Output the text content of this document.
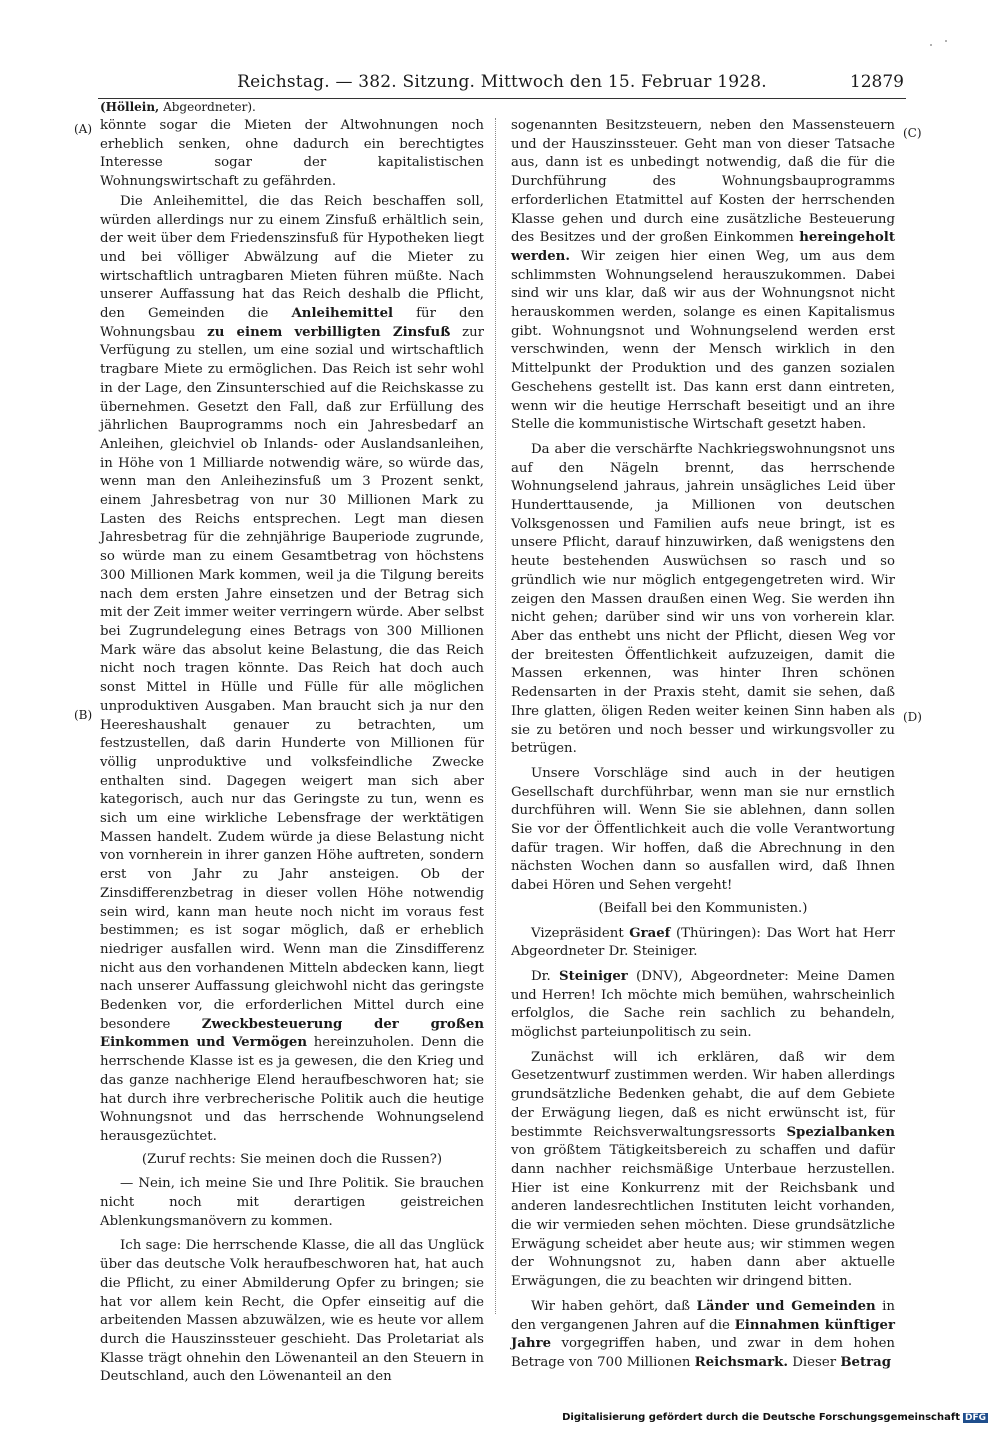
Reichstag. — 382. Sitzung. Mittwoch den 15. Februar 1928.	12879
(Höllein, Abgeordneter).
(A)
(B)
(C)
(D)

könnte sogar die Mieten der Altwohnungen noch erheblich senken, ohne dadurch ein berechtigtes Interesse sogar der kapitalistischen Wohnungswirtschaft zu gefährden.

Die Anleihemittel, die das Reich beschaffen soll, würden allerdings nur zu einem Zinsfuß erhältlich sein, der weit über dem Friedenszinsfuß für Hypotheken liegt und bei völliger Abwälzung auf die Mieter zu wirtschaftlich untragbaren Mieten führen müßte. Nach unserer Auffassung hat das Reich deshalb die Pflicht, den Gemeinden die Anleihemittel für den Wohnungsbau zu einem verbilligten Zinsfuß zur Verfügung zu stellen, um eine sozial und wirtschaftlich tragbare Miete zu ermöglichen. Das Reich ist sehr wohl in der Lage, den Zinsunterschied auf die Reichskasse zu übernehmen. Gesetzt den Fall, daß zur Erfüllung des jährlichen Bauprogramms noch ein Jahresbedarf an Anleihen, gleichviel ob Inlands- oder Auslandsanleihen, in Höhe von 1 Milliarde notwendig wäre, so würde das, wenn man den Anleihezinsfuß um 3 Prozent senkt, einem Jahresbetrag von nur 30 Millionen Mark zu Lasten des Reichs entsprechen. Legt man diesen Jahresbetrag für die zehnjährige Bauperiode zugrunde, so würde man zu einem Gesamtbetrag von höchstens 300 Millionen Mark kommen, weil ja die Tilgung bereits nach dem ersten Jahre einsetzen und der Betrag sich mit der Zeit immer weiter verringern würde. Aber selbst bei Zugrundelegung eines Betrags von 300 Millionen Mark wäre das absolut keine Belastung, die das Reich nicht noch tragen könnte. Das Reich hat doch auch sonst Mittel in Hülle und Fülle für alle möglichen unproduktiven Ausgaben. Man braucht sich ja nur den Heereshaushalt genauer zu betrachten, um festzustellen, daß darin Hunderte von Millionen für völlig unproduktive und volksfeindliche Zwecke enthalten sind. Dagegen weigert man sich aber kategorisch, auch nur das Geringste zu tun, wenn es sich um eine wirkliche Lebensfrage der werktätigen Massen handelt. Zudem würde ja diese Belastung nicht von vornherein in ihrer ganzen Höhe auftreten, sondern erst von Jahr zu Jahr ansteigen. Ob der Zinsdifferenzbetrag in dieser vollen Höhe notwendig sein wird, kann man heute noch nicht im voraus fest bestimmen; es ist sogar möglich, daß er erheblich niedriger ausfallen wird. Wenn man die Zinsdifferenz nicht aus den vorhandenen Mitteln abdecken kann, liegt nach unserer Auffassung gleichwohl nicht das geringste Bedenken vor, die erforderlichen Mittel durch eine besondere Zweckbesteuerung der großen Einkommen und Vermögen hereinzuholen. Denn die herrschende Klasse ist es ja gewesen, die den Krieg und das ganze nachherige Elend heraufbeschworen hat; sie hat durch ihre verbrecherische Politik auch die heutige Wohnungsnot und das herrschende Wohnungselend herausgezüchtet.

(Zuruf rechts: Sie meinen doch die Russen?)

— Nein, ich meine Sie und Ihre Politik. Sie brauchen nicht noch mit derartigen geistreichen Ablenkungsmanövern zu kommen.

Ich sage: Die herrschende Klasse, die all das Unglück über das deutsche Volk heraufbeschworen hat, hat auch die Pflicht, zu einer Abmilderung Opfer zu bringen; sie hat vor allem kein Recht, die Opfer einseitig auf die arbeitenden Massen abzuwälzen, wie es heute vor allem durch die Hauszinssteuer geschieht. Das Proletariat als Klasse trägt ohnehin den Löwenanteil an den Steuern in Deutschland, auch den Löwenanteil an den

sogenannten Besitzsteuern, neben den Massensteuern und der Hauszinssteuer. Geht man von dieser Tatsache aus, dann ist es unbedingt notwendig, daß die für die Durchführung des Wohnungsbauprogramms erforderlichen Etatmittel auf Kosten der herrschenden Klasse gehen und durch eine zusätzliche Besteuerung des Besitzes und der großen Einkommen hereingeholt werden. Wir zeigen hier einen Weg, um aus dem schlimmsten Wohnungselend herauszukommen. Dabei sind wir uns klar, daß wir aus der Wohnungsnot nicht herauskommen werden, solange es einen Kapitalismus gibt. Wohnungsnot und Wohnungselend werden erst verschwinden, wenn der Mensch wirklich in den Mittelpunkt der Produktion und des ganzen sozialen Geschehens gestellt ist. Das kann erst dann eintreten, wenn wir die heutige Herrschaft beseitigt und an ihre Stelle die kommunistische Wirtschaft gesetzt haben.

Da aber die verschärfte Nachkriegswohnungsnot uns auf den Nägeln brennt, das herrschende Wohnungselend jahraus, jahrein unsägliches Leid über Hunderttausende, ja Millionen von deutschen Volksgenossen und Familien aufs neue bringt, ist es unsere Pflicht, darauf hinzuwirken, daß wenigstens den heute bestehenden Auswüchsen so rasch und so gründlich wie nur möglich entgegengetreten wird. Wir zeigen den Massen draußen einen Weg. Sie werden ihn nicht gehen; darüber sind wir uns von vorherein klar. Aber das enthebt uns nicht der Pflicht, diesen Weg vor der breitesten Öffentlichkeit aufzuzeigen, damit die Massen erkennen, was hinter Ihren schönen Redensarten in der Praxis steht, damit sie sehen, daß Ihre glatten, öligen Reden weiter keinen Sinn haben als sie zu betören und noch besser und wirkungsvoller zu betrügen.

Unsere Vorschläge sind auch in der heutigen Gesellschaft durchführbar, wenn man sie nur ernstlich durchführen will. Wenn Sie sie ablehnen, dann sollen Sie vor der Öffentlichkeit auch die volle Verantwortung dafür tragen. Wir hoffen, daß die Abrechnung in den nächsten Wochen dann so ausfallen wird, daß Ihnen dabei Hören und Sehen vergeht!

(Beifall bei den Kommunisten.)

Vizepräsident Graef (Thüringen): Das Wort hat Herr Abgeordneter Dr. Steiniger.

Dr. Steiniger (DNV), Abgeordneter: Meine Damen und Herren! Ich möchte mich bemühen, wahrscheinlich erfolglos, die Sache rein sachlich zu behandeln, möglichst parteiunpolitisch zu sein.

Zunächst will ich erklären, daß wir dem Gesetzentwurf zustimmen werden. Wir haben allerdings grundsätzliche Bedenken gehabt, die auf dem Gebiete der Erwägung liegen, daß es nicht erwünscht ist, für bestimmte Reichsverwaltungsressorts Spezialbanken von größtem Tätigkeitsbereich zu schaffen und dafür dann nachher reichsmäßige Unterbaue herzustellen. Hier ist eine Konkurrenz mit der Reichsbank und anderen landesrechtlichen Instituten leicht vorhanden, die wir vermieden sehen möchten. Diese grundsätzliche Erwägung scheidet aber heute aus; wir stimmen wegen der Wohnungsnot zu, haben dann aber aktuelle Erwägungen, die zu beachten wir dringend bitten.

Wir haben gehört, daß Länder und Gemeinden in den vergangenen Jahren auf die Einnahmen künftiger Jahre vorgegriffen haben, und zwar in dem hohen Betrage von 700 Millionen Reichsmark. Dieser Betrag

Digitalisierung gefördert durch die Deutsche Forschungsgemeinschaft DFG
